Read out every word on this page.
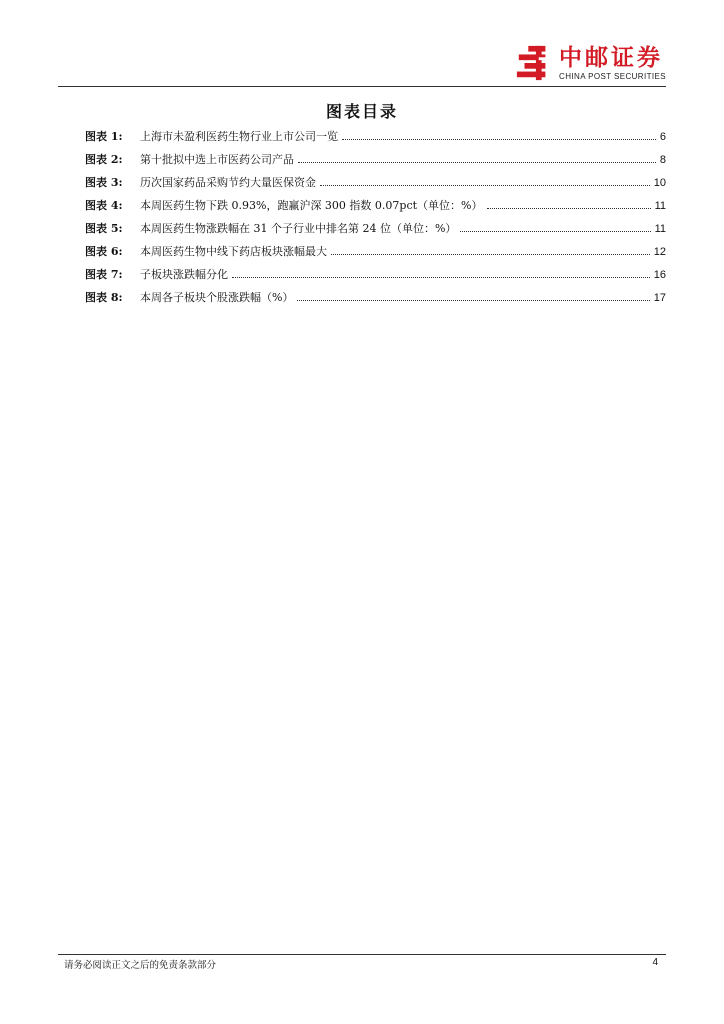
中邮证券
CHINA POST SECURITIES
图表目录
图表 1:	上海市未盈利医药生物行业上市公司一览	6
图表 2:	第十批拟中选上市医药公司产品	8
图表 3:	历次国家药品采购节约大量医保资金	10
图表 4:	本周医药生物下跌 0.93%，跑赢沪深 300 指数 0.07pct（单位：%）	11
图表 5:	本周医药生物涨跌幅在 31 个子行业中排名第 24 位（单位：%）	11
图表 6:	本周医药生物中线下药店板块涨幅最大	12
图表 7:	子板块涨跌幅分化	16
图表 8:	本周各子板块个股涨跌幅（%）	17
请务必阅读正文之后的免责条款部分	4
